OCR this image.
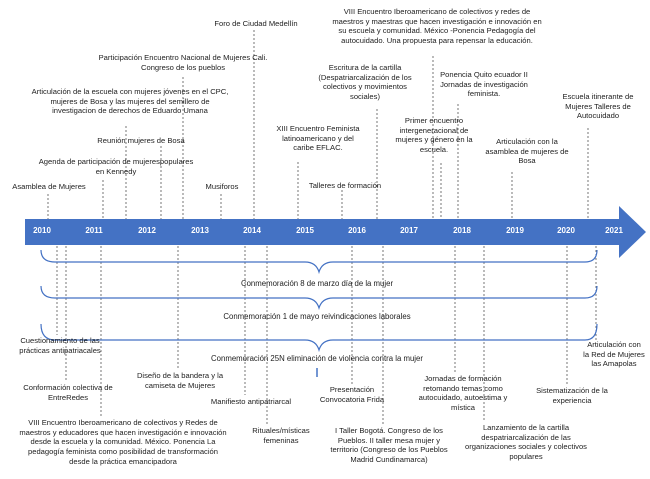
2010	2011	2012	2013	2014	2015	2016	2017	2018	2019	2020	2021
Asamblea de Mujeres
Agenda de participación de mujerespopulares
en Kennedy
Articulación de la escuela con mujeres jóvenes en el CPC,
mujeres de Bosa y las mujeres del semillero de
investigacion de derechos de Eduardo Umana
Reunión mujeres de Bosa
Participación Encuentro Nacional de Mujeres Cali.
Congreso de los pueblos
Musiforos
Foro de Ciudad Medellín
XIII Encuentro Feminista
latinoamericano y del
caribe EFLAC.
Talleres de formación
Escritura de la cartilla
(Despatriarcalización de los
colectivos y movimientos
sociales)
VIII Encuentro Iberoamericano de colectivos y redes de
maestros y maestras que hacen investigación e innovación en
su escuela y comunidad. México -Ponencia Pedagogía del
autocuidado. Una propuesta para repensar la educación.
Primer encuentro
intergeneracional de
mujeres y género en la
escuela.
Ponencia Quito ecuador II
Jornadas de investigación
feminista.
Articulación con la
asamblea de mujeres de
Bosa
Escuela itinerante de
Mujeres Talleres de
Autocuidado
Conmemoración 8 de marzo día de la mujer
Conmemoración 1 de mayo reivindicaciones laborales
Conmemoración 25N eliminación de violencia contra la mujer
Cuestionamiento de las
prácticas antipatriacales
Conformación colectiva de
EntreRedes
VIII Encuentro Iberoamericano de colectivos y Redes de
maestros y educadores que hacen investigación e innovación
desde la escuela y la comunidad. México. Ponencia La
pedagogía feminista como posibilidad de transformación
desde la práctica emancipadora
Diseño de la bandera y la
camiseta de Mujeres
Manifiesto antipatriarcal
Rituales/místicas
femeninas
Presentación
Convocatoria Frida
I Taller Bogotá. Congreso de los
Pueblos. II taller mesa mujer y
territorio (Congreso de los Pueblos
Madrid Cundinamarca)
Jornadas de formación
retomando temas como
autocuidado, autoestima y
mística
Lanzamiento de la cartilla
despatriarcalización de las
organizaciones sociales y colectivos
populares
Sistematización de la
experiencia
Articulación con
la Red de Mujeres
las Amapolas
